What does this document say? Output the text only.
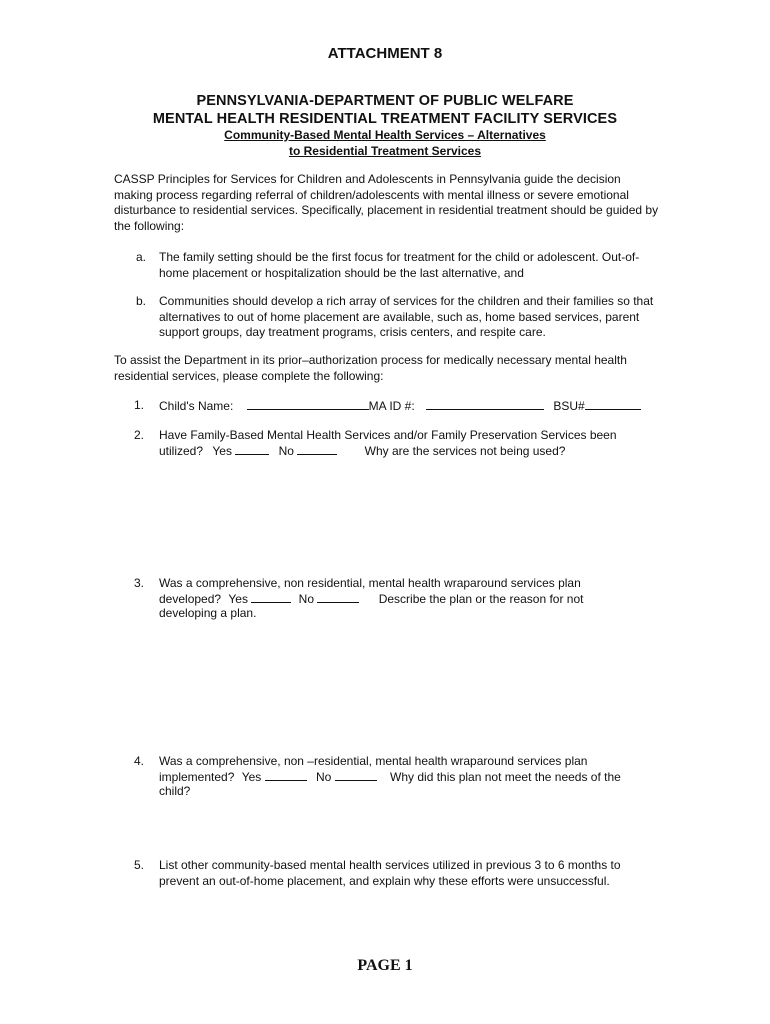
ATTACHMENT 8
PENNSYLVANIA-DEPARTMENT OF PUBLIC WELFARE
MENTAL HEALTH RESIDENTIAL TREATMENT FACILITY SERVICES
Community-Based Mental Health Services – Alternatives
to Residential Treatment Services
CASSP Principles for Services for Children and Adolescents in Pennsylvania guide the decision making process regarding referral of children/adolescents with mental illness or severe emotional disturbance to residential services. Specifically, placement in residential treatment should be guided by the following:
a. The family setting should be the first focus for treatment for the child or adolescent. Out-of- home placement or hospitalization should be the last alternative, and
b. Communities should develop a rich array of services for the children and their families so that alternatives to out of home placement are available, such as, home based services, parent support groups, day treatment programs, crisis centers, and respite care.
To assist the Department in its prior–authorization process for medically necessary mental health residential services, please complete the following:
1. Child's Name:	MA ID #:	BSU#
2. Have Family-Based Mental Health Services and/or Family Preservation Services been
utilized? Yes	No	Why are the services not being used?
3. Was a comprehensive, non residential, mental health wraparound services plan
developed? Yes	No	Describe the plan or the reason for not
developing a plan.
4. Was a comprehensive, non –residential, mental health wraparound services plan
implemented? Yes	No	Why did this plan not meet the needs of the
child?
5. List other community-based mental health services utilized in previous 3 to 6 months to prevent an out-of-home placement, and explain why these efforts were unsuccessful.
PAGE 1
